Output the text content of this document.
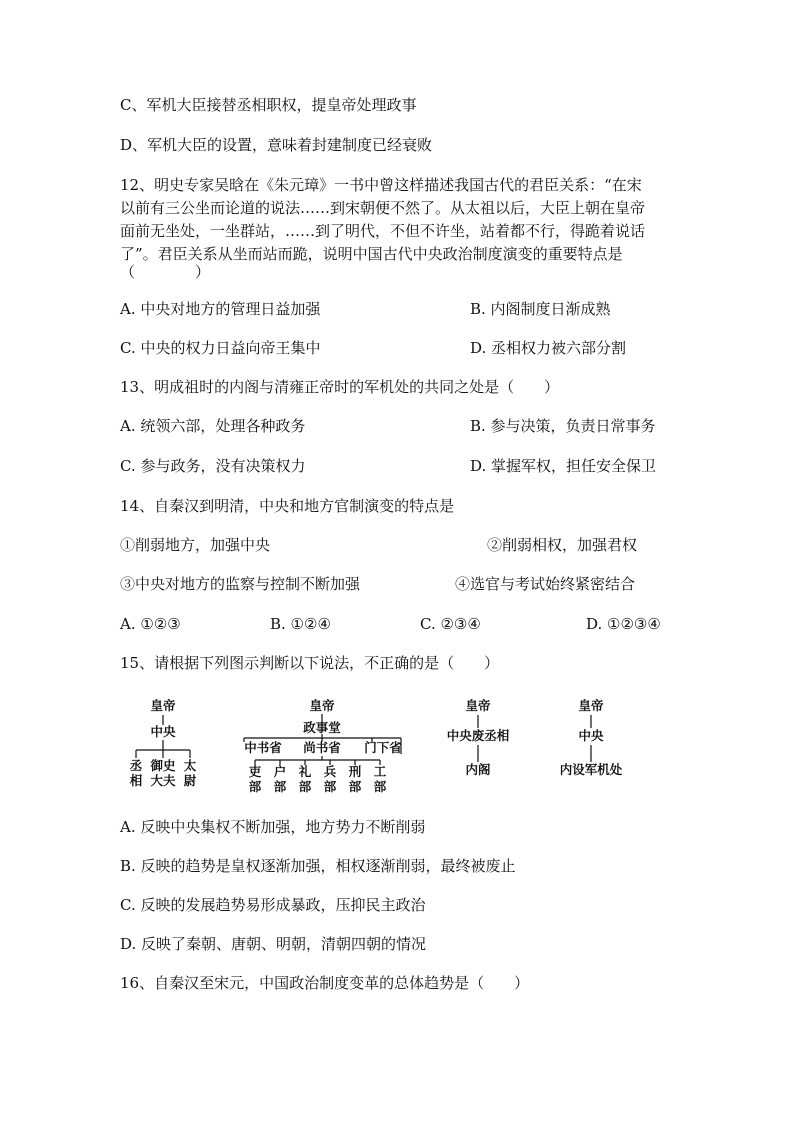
C、军机大臣接替丞相职权，提皇帝处理政事
D、军机大臣的设置，意味着封建制度已经衰败
12、明史专家吴晗在《朱元璋》一书中曾这样描述我国古代的君臣关系：“在宋
以前有三公坐而论道的说法……到宋朝便不然了。从太祖以后，大臣上朝在皇帝
面前无坐处，一坐群站，……到了明代，不但不许坐，站着都不行，得跪着说话
了”。君臣关系从坐而站而跪，说明中国古代中央政治制度演变的重要特点是
（　　　　）
A. 中央对地方的管理日益加强	B. 内阁制度日渐成熟
C. 中央的权力日益向帝王集中	D. 丞相权力被六部分割
13、明成祖时的内阁与清雍正帝时的军机处的共同之处是（　　）
A. 统领六部，处理各种政务	B. 参与决策，负责日常事务
C. 参与政务，没有决策权力	D. 掌握军权，担任安全保卫
14、自秦汉到明清，中央和地方官制演变的特点是
①削弱地方，加强中央	②削弱相权，加强君权
③中央对地方的监察与控制不断加强	④选官与考试始终紧密结合
A. ①②③	B. ①②④	C. ②③④	D. ①②③④
15、请根据下列图示判断以下说法，不正确的是（　　）
皇帝
中央
丞
相
御史
大夫
太
尉
皇帝
政事堂
中书省 尚书省 门下省
吏
部
户
部
礼
部
兵
部
刑
部
工
部
皇帝
中央废丞相
内阁
皇帝
中央
内设军机处
A. 反映中央集权不断加强，地方势力不断削弱
B. 反映的趋势是皇权逐渐加强，相权逐渐削弱，最终被废止
C. 反映的发展趋势易形成暴政，压抑民主政治
D. 反映了秦朝、唐朝、明朝，清朝四朝的情况
16、自秦汉至宋元，中国政治制度变革的总体趋势是（　　）
